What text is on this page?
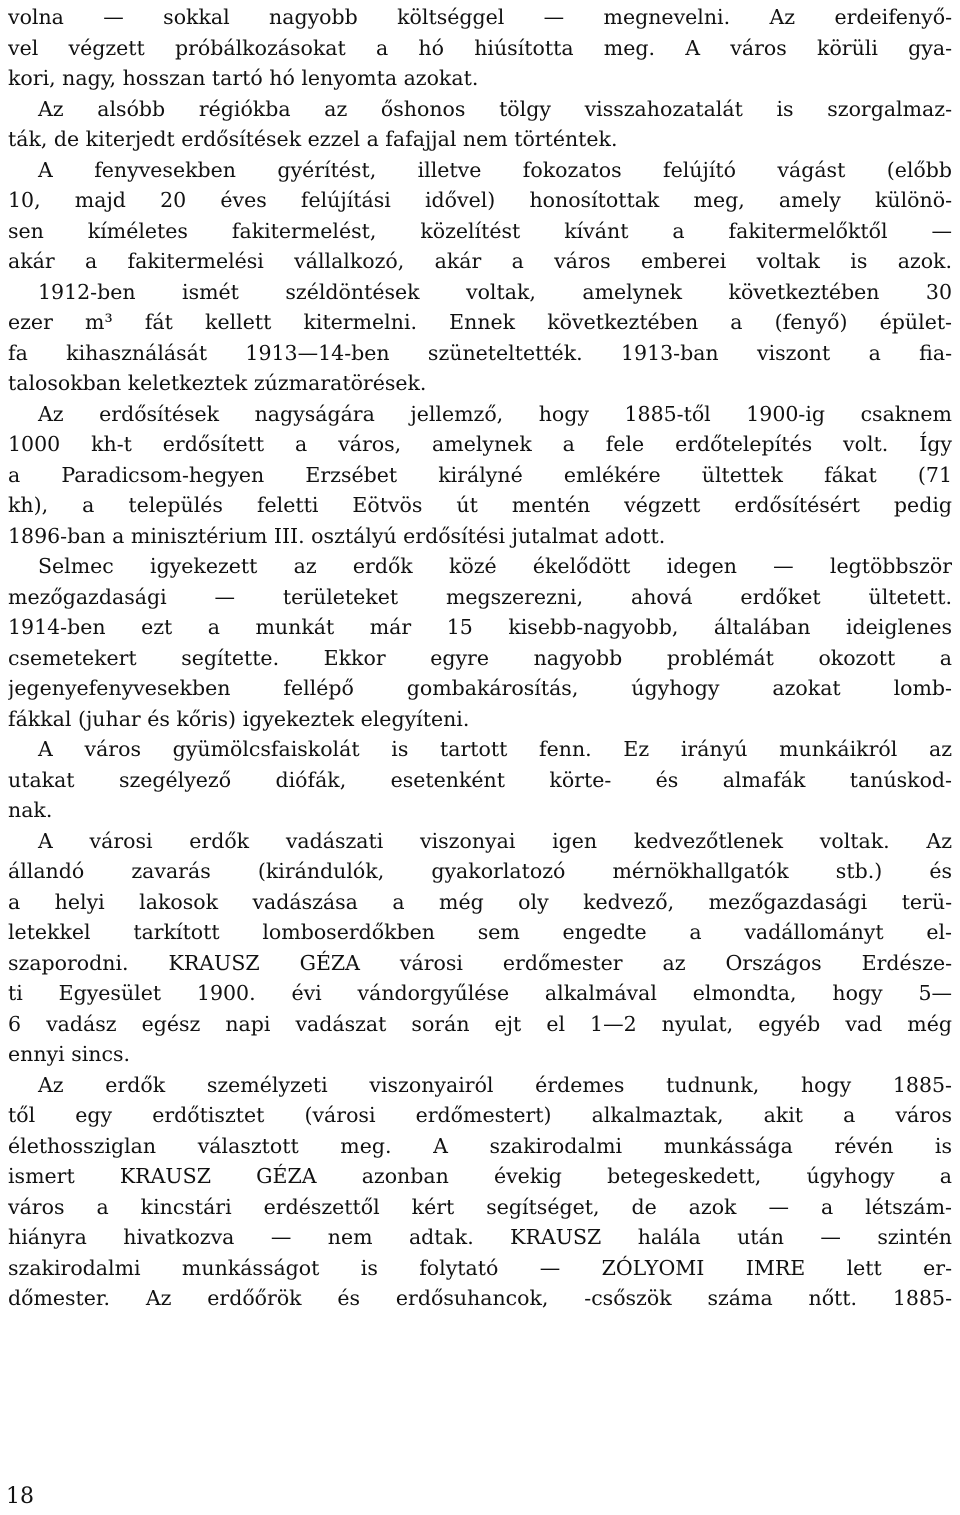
volna — sokkal nagyobb költséggel — megnevelni. Az erdeifenyő-
vel végzett próbálkozásokat a hó hiúsította meg. A város körüli gya-
kori, nagy, hosszan tartó hó lenyomta azokat.
Az alsóbb régiókba az őshonos tölgy visszahozatalát is szorgalmaz-
ták, de kiterjedt erdősítések ezzel a fafajjal nem történtek.
A fenyvesekben gyérítést, illetve fokozatos felújító vágást (előbb
10, majd 20 éves felújítási idővel) honosítottak meg, amely különö-
sen kíméletes fakitermelést, közelítést kívánt a fakitermelőktől —
akár a fakitermelési vállalkozó, akár a város emberei voltak is azok.
1912-ben ismét széldöntések voltak, amelynek következtében 30
ezer m³ fát kellett kitermelni. Ennek következtében a (fenyő) épület-
fa kihasználását 1913—14-ben szüneteltették. 1913-ban viszont a fia-
talosokban keletkeztek zúzmaratörések.
Az erdősítések nagyságára jellemző, hogy 1885-től 1900-ig csaknem
1000 kh-t erdősített a város, amelynek a fele erdőtelepítés volt. Így
a Paradicsom-hegyen Erzsébet királyné emlékére ültettek fákat (71
kh), a település feletti Eötvös út mentén végzett erdősítésért pedig
1896-ban a minisztérium III. osztályú erdősítési jutalmat adott.
Selmec igyekezett az erdők közé ékelődött idegen — legtöbbször
mezőgazdasági — területeket megszerezni, ahová erdőket ültetett.
1914-ben ezt a munkát már 15 kisebb-nagyobb, általában ideiglenes
csemetekert segítette. Ekkor egyre nagyobb problémát okozott a
jegenyefenyvesekben fellépő gombakárosítás, úgyhogy azokat lomb-
fákkal (juhar és kőris) igyekeztek elegyíteni.
A város gyümölcsfaiskolát is tartott fenn. Ez irányú munkáikról az
utakat szegélyező diófák, esetenként körte- és almafák tanúskod-
nak.
A városi erdők vadászati viszonyai igen kedvezőtlenek voltak. Az
állandó zavarás (kirándulók, gyakorlatozó mérnökhallgatók stb.) és
a helyi lakosok vadászása a még oly kedvező, mezőgazdasági terü-
letekkel tarkított lomboserdőkben sem engedte a vadállományt el-
szaporodni. KRAUSZ GÉZA városi erdőmester az Országos Erdésze-
ti Egyesület 1900. évi vándorgyűlése alkalmával elmondta, hogy 5—
6 vadász egész napi vadászat során ejt el 1—2 nyulat, egyéb vad még
ennyi sincs.
Az erdők személyzeti viszonyairól érdemes tudnunk, hogy 1885-
től egy erdőtisztet (városi erdőmestert) alkalmaztak, akit a város
élethossziglan választott meg. A szakirodalmi munkássága révén is
ismert KRAUSZ GÉZA azonban évekig betegeskedett, úgyhogy a
város a kincstári erdészettől kért segítséget, de azok — a létszám-
hiányra hivatkozva — nem adtak. KRAUSZ halála után — szintén
szakirodalmi munkásságot is folytató — ZÓLYOMI IMRE lett er-
dőmester. Az erdőőrök és erdősuhancok, -csőszök száma nőtt. 1885-
18
